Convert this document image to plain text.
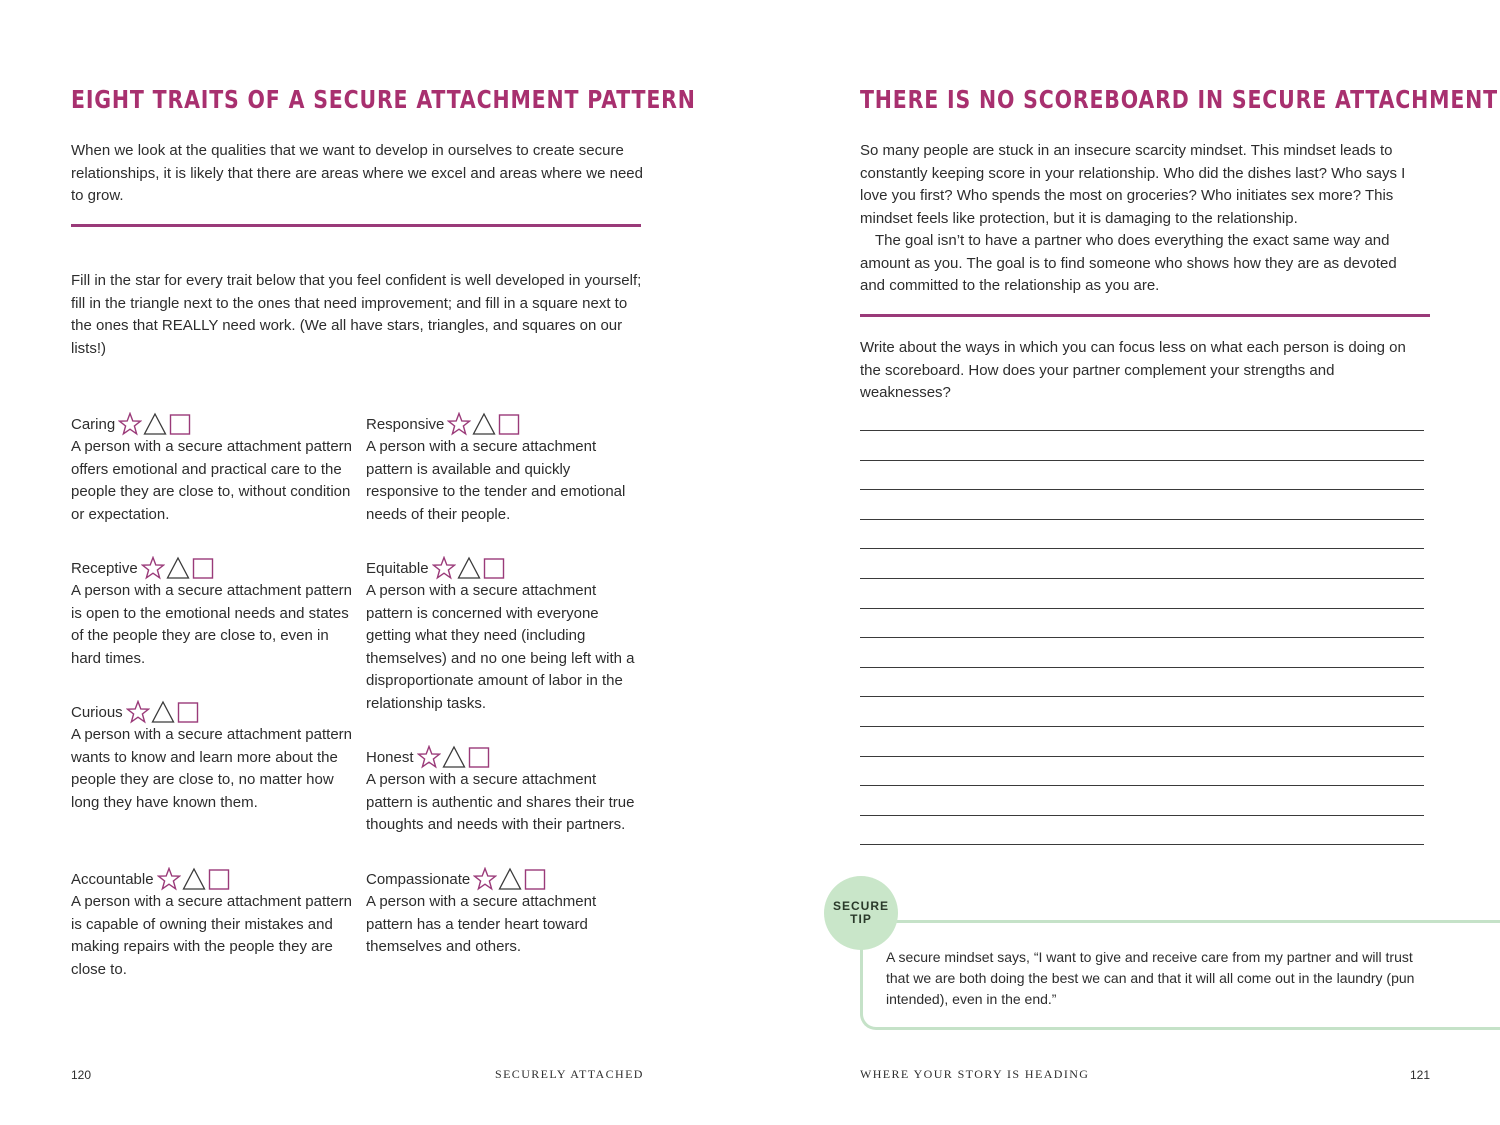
EIGHT TRAITS OF A SECURE ATTACHMENT PATTERN

When we look at the qualities that we want to develop in ourselves to create secure relationships, it is likely that there are areas where we excel and areas where we need to grow.

Fill in the star for every trait below that you feel confident is well developed in yourself; fill in the triangle next to the ones that need improvement; and fill in a square next to the ones that REALLY need work. (We all have stars, triangles, and squares on our lists!)

Caring

A person with a secure attachment pattern offers emotional and practical care to the people they are close to, without condition or expectation.

Receptive

A person with a secure attachment pattern is open to the emotional needs and states of the people they are close to, even in hard times.

Curious

A person with a secure attachment pattern wants to know and learn more about the people they are close to, no matter how long they have known them.

Accountable

A person with a secure attachment pattern is capable of owning their mistakes and making repairs with the people they are close to.

Responsive

A person with a secure attachment pattern is available and quickly responsive to the tender and emotional needs of their people.

Equitable

A person with a secure attachment pattern is concerned with everyone getting what they need (including themselves) and no one being left with a disproportionate amount of labor in the relationship tasks.

Honest

A person with a secure attachment pattern is authentic and shares their true thoughts and needs with their partners.

Compassionate

A person with a secure attachment pattern has a tender heart toward themselves and others.

120	SECURELY ATTACHED
THERE IS NO SCOREBOARD IN SECURE ATTACHMENT

So many people are stuck in an insecure scarcity mindset. This mindset leads to constantly keeping score in your relationship. Who did the dishes last? Who says I love you first? Who spends the most on groceries? Who initiates sex more? This mindset feels like protection, but it is damaging to the relationship.
The goal isn’t to have a partner who does everything the exact same way and amount as you. The goal is to find someone who shows how they are as devoted and committed to the relationship as you are.

Write about the ways in which you can focus less on what each person is doing on the scoreboard. How does your partner complement your strengths and weaknesses?

SECURE
TIP

A secure mindset says, “I want to give and receive care from my partner and will trust that we are both doing the best we can and that it will all come out in the laundry (pun intended), even in the end.”

WHERE YOUR STORY IS HEADING	121
